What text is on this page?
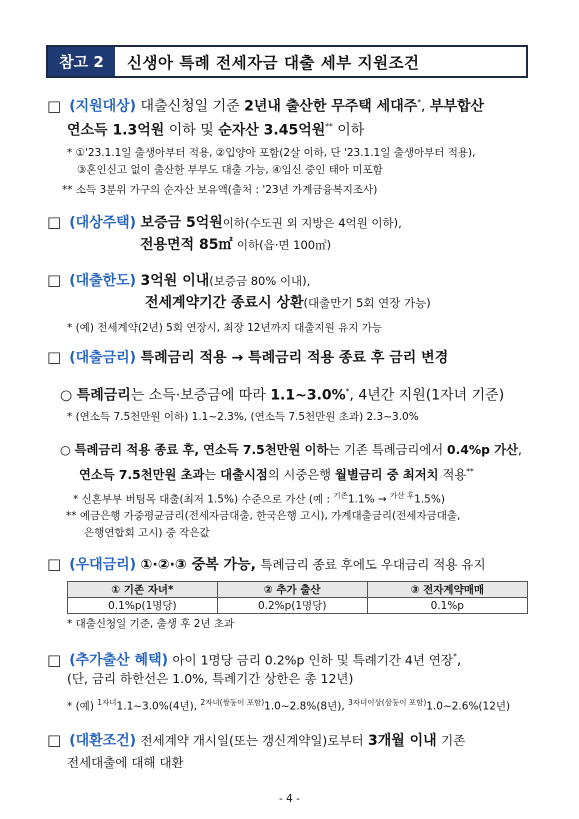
참고 2	신생아 특례 전세자금 대출 세부 지원조건
□ (지원대상) 대출신청일 기준 2년내 출산한 무주택 세대주*, 부부합산
연소득 1.3억원 이하 및 순자산 3.45억원** 이하
* ①'23.1.1일 출생아부터 적용, ②입양아 포함(2살 이하, 단 '23.1.1일 출생아부터 적용),
③혼인신고 없이 출산한 부부도 대출 가능, ④임신 중인 태아 미포함
** 소득 3분위 가구의 순자산 보유액(출처 : '23년 가계금융복지조사)
□ (대상주택) 보증금 5억원이하(수도권 외 지방은 4억원 이하),
전용면적 85㎡ 이하(읍·면 100㎡)
□ (대출한도) 3억원 이내(보증금 80% 이내),
전세계약기간 종료시 상환(대출만기 5회 연장 가능)
* (예) 전세계약(2년) 5회 연장시, 최장 12년까지 대출지원 유지 가능
□ (대출금리) 특례금리 적용 → 특례금리 적용 종료 후 금리 변경
○ 특례금리는 소득·보증금에 따라 1.1~3.0%*, 4년간 지원(1자녀 기준)
* (연소득 7.5천만원 이하) 1.1~2.3%, (연소득 7.5천만원 초과) 2.3~3.0%
○ 특례금리 적용 종료 후, 연소득 7.5천만원 이하는 기존 특례금리에서 0.4%p 가산,
연소득 7.5천만원 초과는 대출시점의 시중은행 월별금리 중 최저치 적용**
* 신혼부부 버팀목 대출(최저 1.5%) 수준으로 가산 (예 : $^{기존}$1.1% → $^{가산 후}$1.5%)
** 예금은행 가중평균금리(전세자금대출, 한국은행 고시), 가계대출금리(전세자금대출,
은행연합회 고시) 중 작은값
□ (우대금리) ①·②·③ 중복 가능, 특례금리 종료 후에도 우대금리 적용 유지
① 기존 자녀*	② 추가 출산	③ 전자계약매매
0.1%p(1명당)	0.2%p(1명당)	0.1%p
* 대출신청일 기준, 출생 후 2년 초과
□ (추가출산 혜택) 아이 1명당 금리 0.2%p 인하 및 특례기간 4년 연장*,
(단, 금리 하한선은 1.0%, 특례기간 상한은 총 12년)
* (예) $^{1자녀}$1.1~3.0%(4년), $^{2자녀(쌍둥이 포함)}$1.0~2.8%(8년), $^{3자녀이상(삼둥이 포함)}$1.0~2.6%(12년)
□ (대환조건) 전세계약 개시일(또는 갱신계약일)로부터 3개월 이내 기존
전세대출에 대해 대환
- 4 -
